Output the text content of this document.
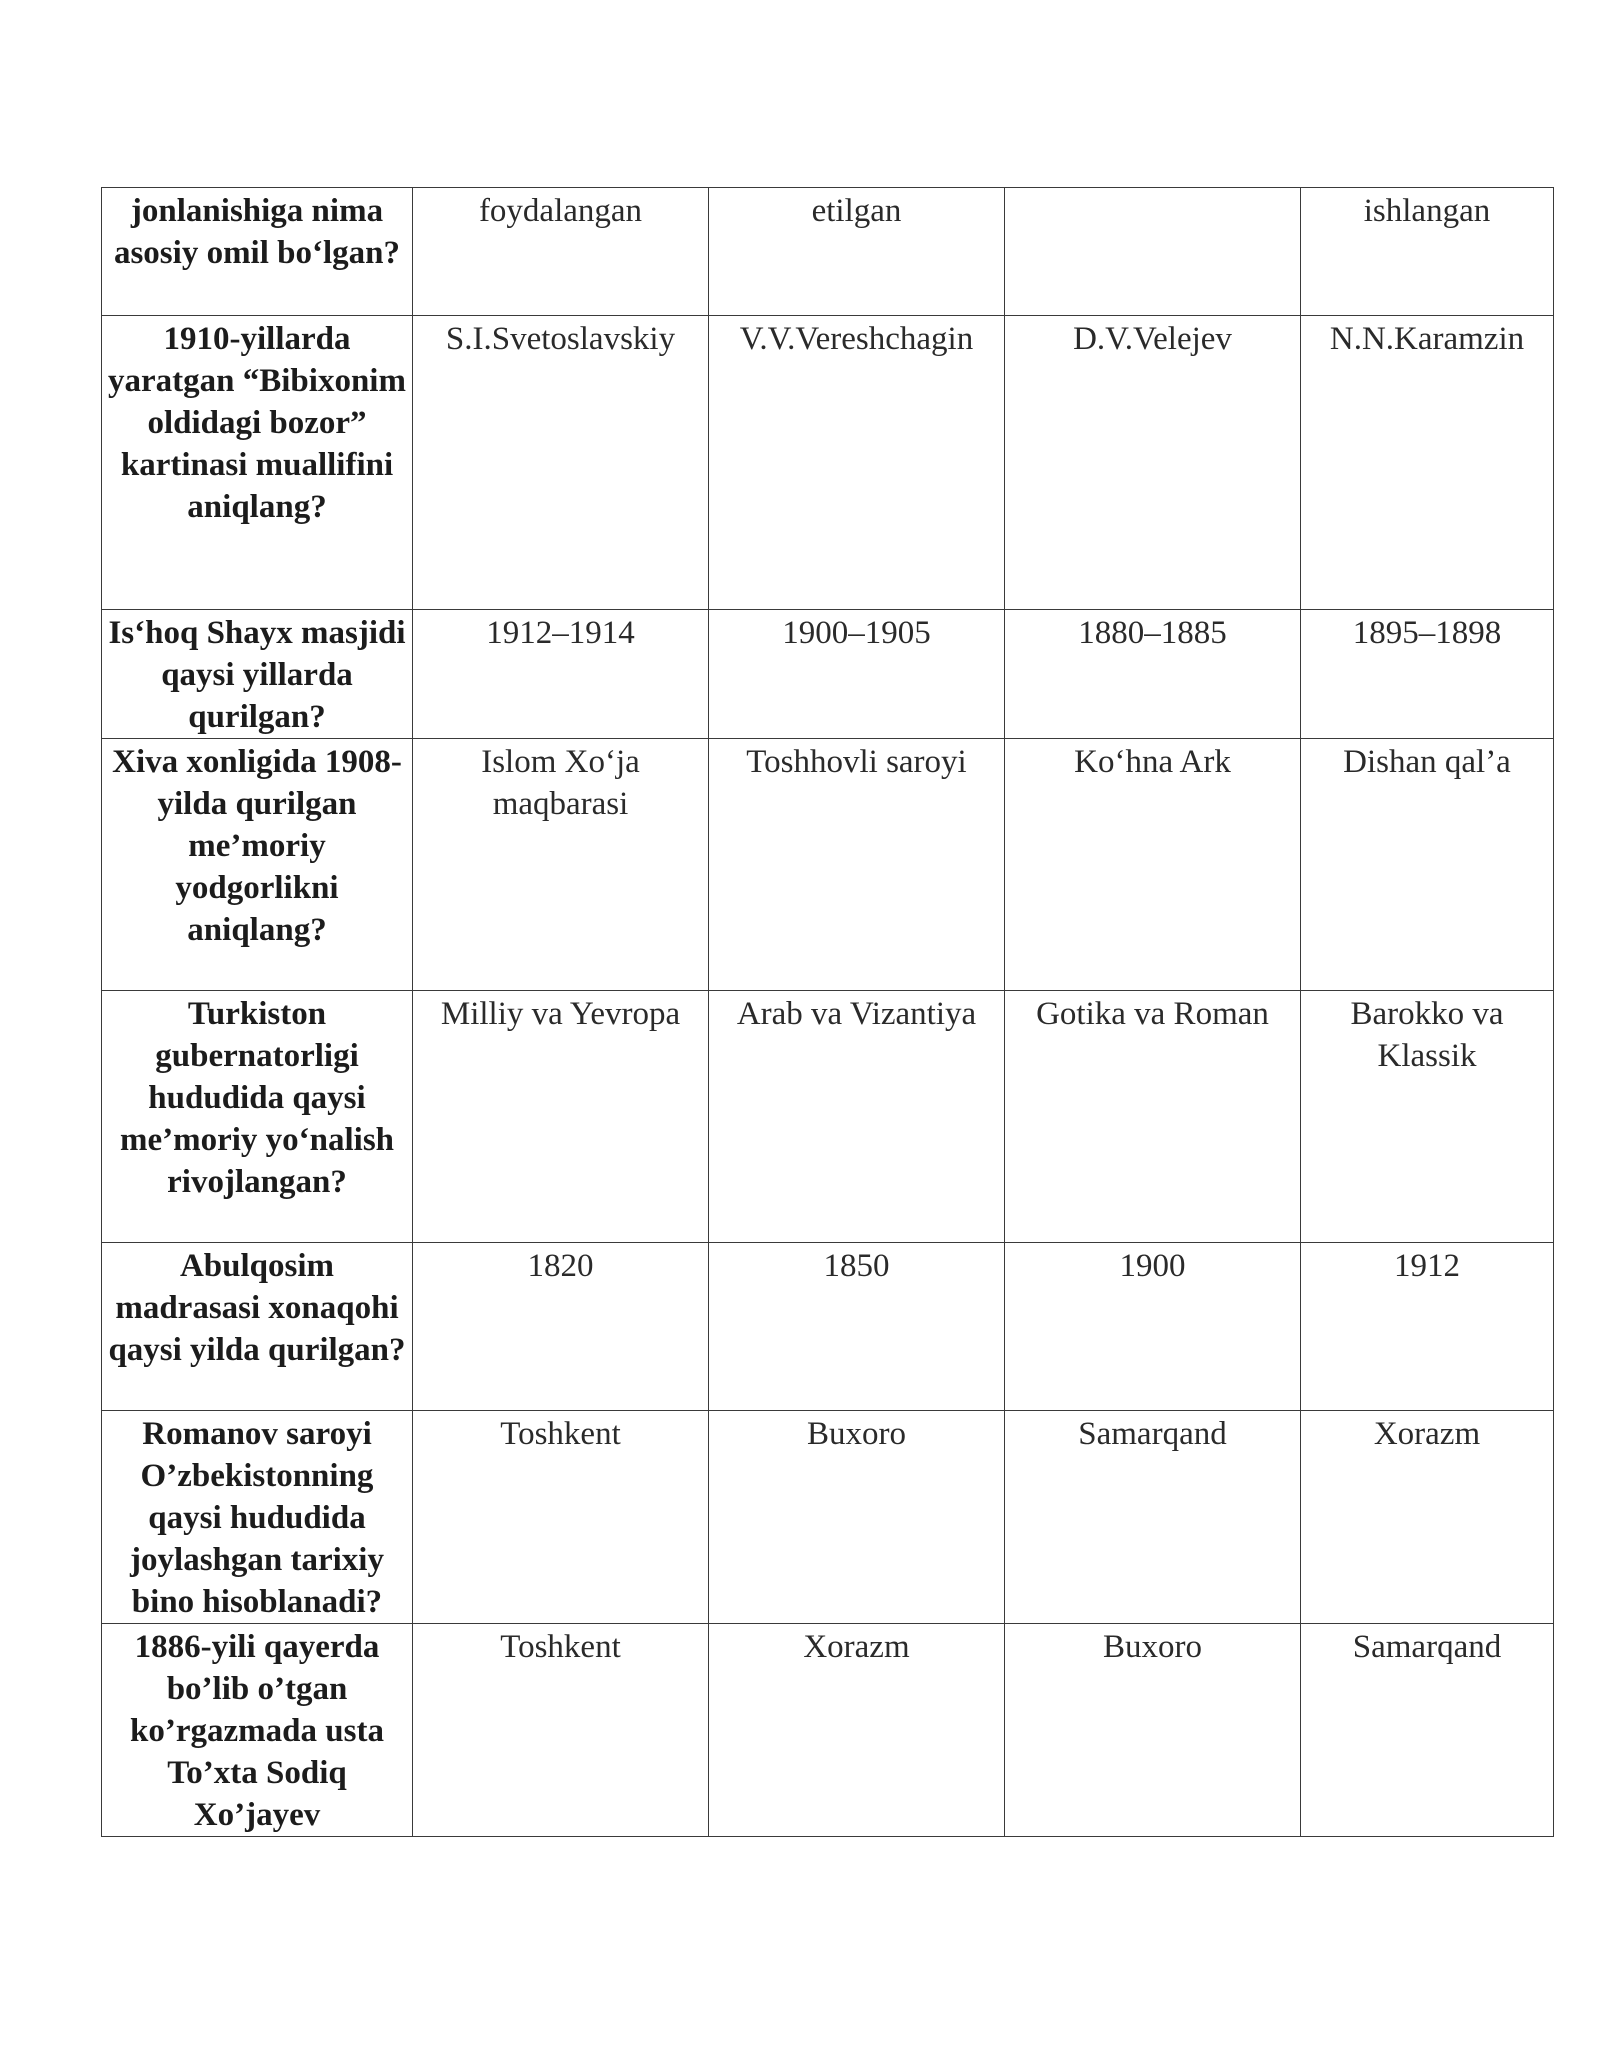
jonlanishiga nima asosiy omil bo‘lgan?	foydalangan	etilgan		ishlangan
1910-yillarda yaratgan “Bibixonim oldidagi bozor” kartinasi muallifini aniqlang?	S.I.Svetoslavskiy	V.V.Vereshchagin	D.V.Velejev	N.N.Karamzin
Is‘hoq Shayx masjidi qaysi yillarda qurilgan?	1912–1914	1900–1905	1880–1885	1895–1898
Xiva xonligida 1908-yilda qurilgan me’moriy yodgorlikni aniqlang?	Islom Xo‘ja maqbarasi	Toshhovli saroyi	Ko‘hna Ark	Dishan qal’a
Turkiston gubernatorligi hududida qaysi me’moriy yo‘nalish rivojlangan?	Milliy va Yevropa	Arab va Vizantiya	Gotika va Roman	Barokko va Klassik
Abulqosim madrasasi xonaqohi qaysi yilda qurilgan?	1820	1850	1900	1912
Romanov saroyi O’zbekistonning qaysi hududida joylashgan tarixiy bino hisoblanadi?	Toshkent	Buxoro	Samarqand	Xorazm
1886-yili qayerda bo’lib o’tgan ko’rgazmada usta To’xta Sodiq Xo’jayev	Toshkent	Xorazm	Buxoro	Samarqand
